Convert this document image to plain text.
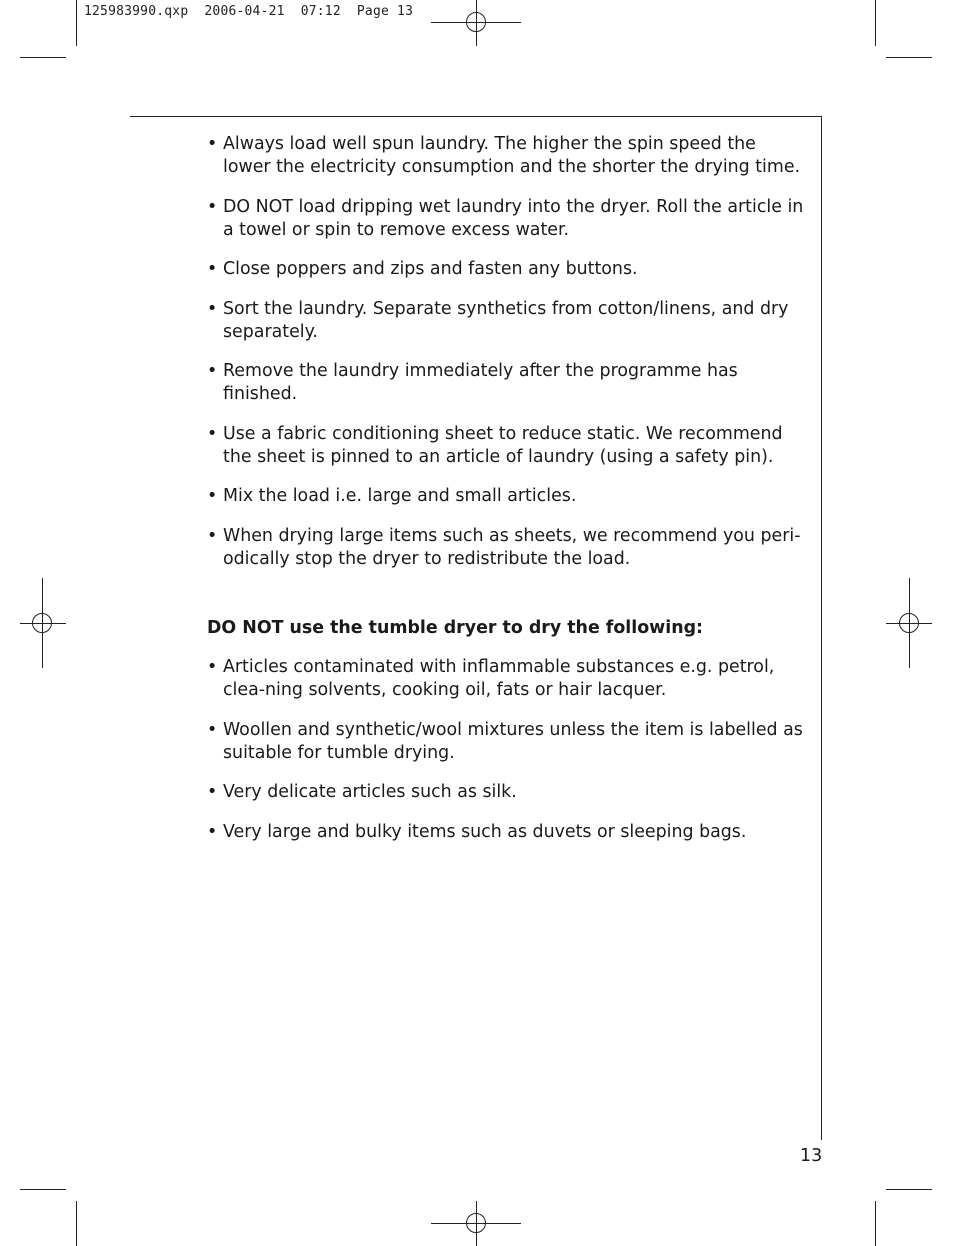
125983990.qxp  2006-04-21  07:12  Page 13
• Always load well spun laundry. The higher the spin speed the lower the electricity consumption and the shorter the drying time.
• DO NOT load dripping wet laundry into the dryer. Roll the article in a towel or spin to remove excess water.
• Close poppers and zips and fasten any buttons.
• Sort the laundry. Separate synthetics from cotton/linens, and dry separately.
• Remove the laundry immediately after the programme has finished.
• Use a fabric conditioning sheet to reduce static. We recommend the sheet is pinned to an article of laundry (using a safety pin).
• Mix the load i.e. large and small articles.
• When drying large items such as sheets, we recommend you peri-odically stop the dryer to redistribute the load.
DO NOT use the tumble dryer to dry the following:
• Articles contaminated with inflammable substances e.g. petrol, clea-ning solvents, cooking oil, fats or hair lacquer.
• Woollen and synthetic/wool mixtures unless the item is labelled as suitable for tumble drying.
• Very delicate articles such as silk.
• Very large and bulky items such as duvets or sleeping bags.
13
